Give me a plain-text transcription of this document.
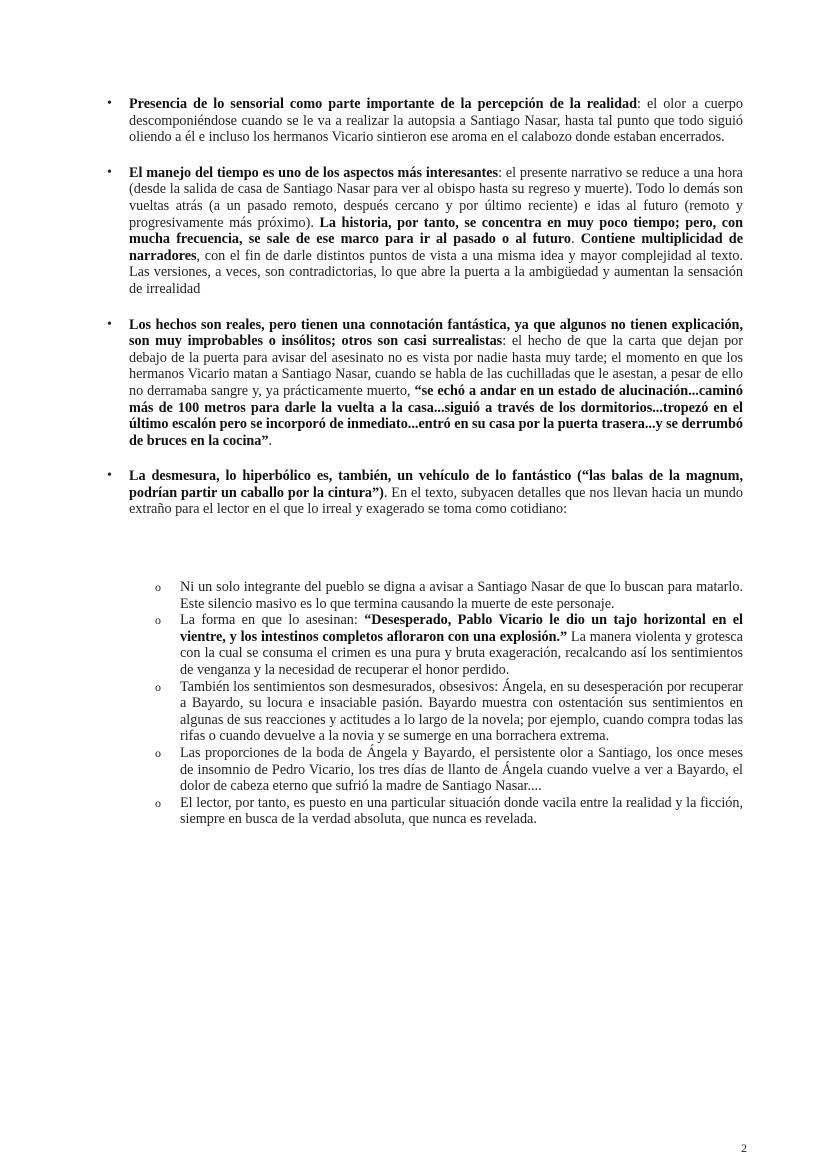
• Presencia de lo sensorial como parte importante de la percepción de la realidad: el olor a cuerpo descomponiéndose cuando se le va a realizar la autopsia a Santiago Nasar, hasta tal punto que todo siguió oliendo a él e incluso los hermanos Vicario sintieron ese aroma en el calabozo donde estaban encerrados.
• El manejo del tiempo es uno de los aspectos más interesantes: el presente narrativo se reduce a una hora (desde la salida de casa de Santiago Nasar para ver al obispo hasta su regreso y muerte). Todo lo demás son vueltas atrás (a un pasado remoto, después cercano y por último reciente) e idas al futuro (remoto y progresivamente más próximo). La historia, por tanto, se concentra en muy poco tiempo; pero, con mucha frecuencia, se sale de ese marco para ir al pasado o al futuro. Contiene multiplicidad de narradores, con el fin de darle distintos puntos de vista a una misma idea y mayor complejidad al texto. Las versiones, a veces, son contradictorias, lo que abre la puerta a la ambigüedad y aumentan la sensación de irrealidad
• Los hechos son reales, pero tienen una connotación fantástica, ya que algunos no tienen explicación, son muy improbables o insólitos; otros son casi surrealistas: el hecho de que la carta que dejan por debajo de la puerta para avisar del asesinato no es vista por nadie hasta muy tarde; el momento en que los hermanos Vicario matan a Santiago Nasar, cuando se habla de las cuchilladas que le asestan, a pesar de ello no derramaba sangre y, ya prácticamente muerto, “se echó a andar en un estado de alucinación...caminó más de 100 metros para darle la vuelta a la casa...siguió a través de los dormitorios...tropezó en el último escalón pero se incorporó de inmediato...entró en su casa por la puerta trasera...y se derrumbó de bruces en la cocina”.
• La desmesura, lo hiperbólico es, también, un vehículo de lo fantástico (“las balas de la magnum, podrían partir un caballo por la cintura”). En el texto, subyacen detalles que nos llevan hacia un mundo extraño para el lector en el que lo irreal y exagerado se toma como cotidiano:
o Ni un solo integrante del pueblo se digna a avisar a Santiago Nasar de que lo buscan para matarlo. Este silencio masivo es lo que termina causando la muerte de este personaje.
o La forma en que lo asesinan: “Desesperado, Pablo Vicario le dio un tajo horizontal en el vientre, y los intestinos completos afloraron con una explosión.” La manera violenta y grotesca con la cual se consuma el crimen es una pura y bruta exageración, recalcando así los sentimientos de venganza y la necesidad de recuperar el honor perdido.
o También los sentimientos son desmesurados, obsesivos: Ángela, en su desesperación por recuperar a Bayardo, su locura e insaciable pasión. Bayardo muestra con ostentación sus sentimientos en algunas de sus reacciones y actitudes a lo largo de la novela; por ejemplo, cuando compra todas las rifas o cuando devuelve a la novia y se sumerge en una borrachera extrema.
o Las proporciones de la boda de Ángela y Bayardo, el persistente olor a Santiago, los once meses de insomnio de Pedro Vicario, los tres días de llanto de Ángela cuando vuelve a ver a Bayardo, el dolor de cabeza eterno que sufrió la madre de Santiago Nasar....
o El lector, por tanto, es puesto en una particular situación donde vacila entre la realidad y la ficción, siempre en busca de la verdad absoluta, que nunca es revelada.
2
